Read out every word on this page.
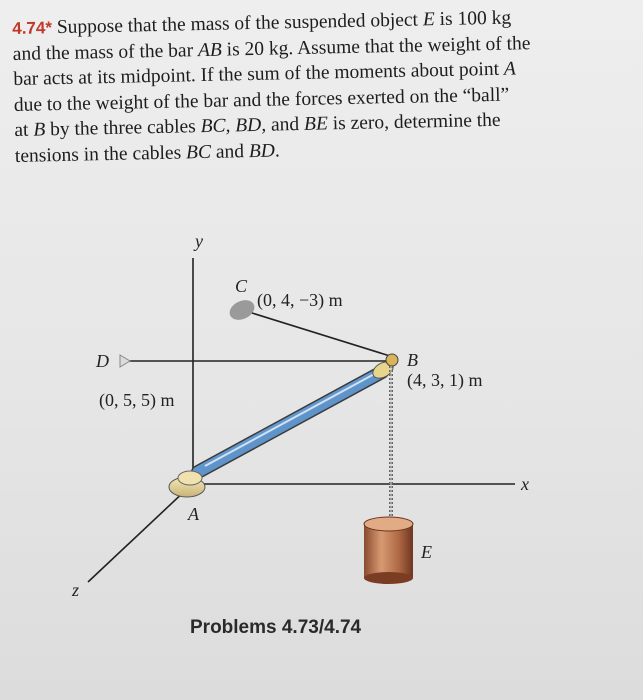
4.74* Suppose that the mass of the suspended object E is 100 kg
and the mass of the bar AB is 20 kg. Assume that the weight of the
bar acts at its midpoint. If the sum of the moments about point A
due to the weight of the bar and the forces exerted on the “ball”
at B by the three cables BC, BD, and BE is zero, determine the
tensions in the cables BC and BD.
y
x
z
C
(0, 4, −3) m
D
(0, 5, 5) m
A
B
(4, 3, 1) m
E
Problems 4.73/4.74
